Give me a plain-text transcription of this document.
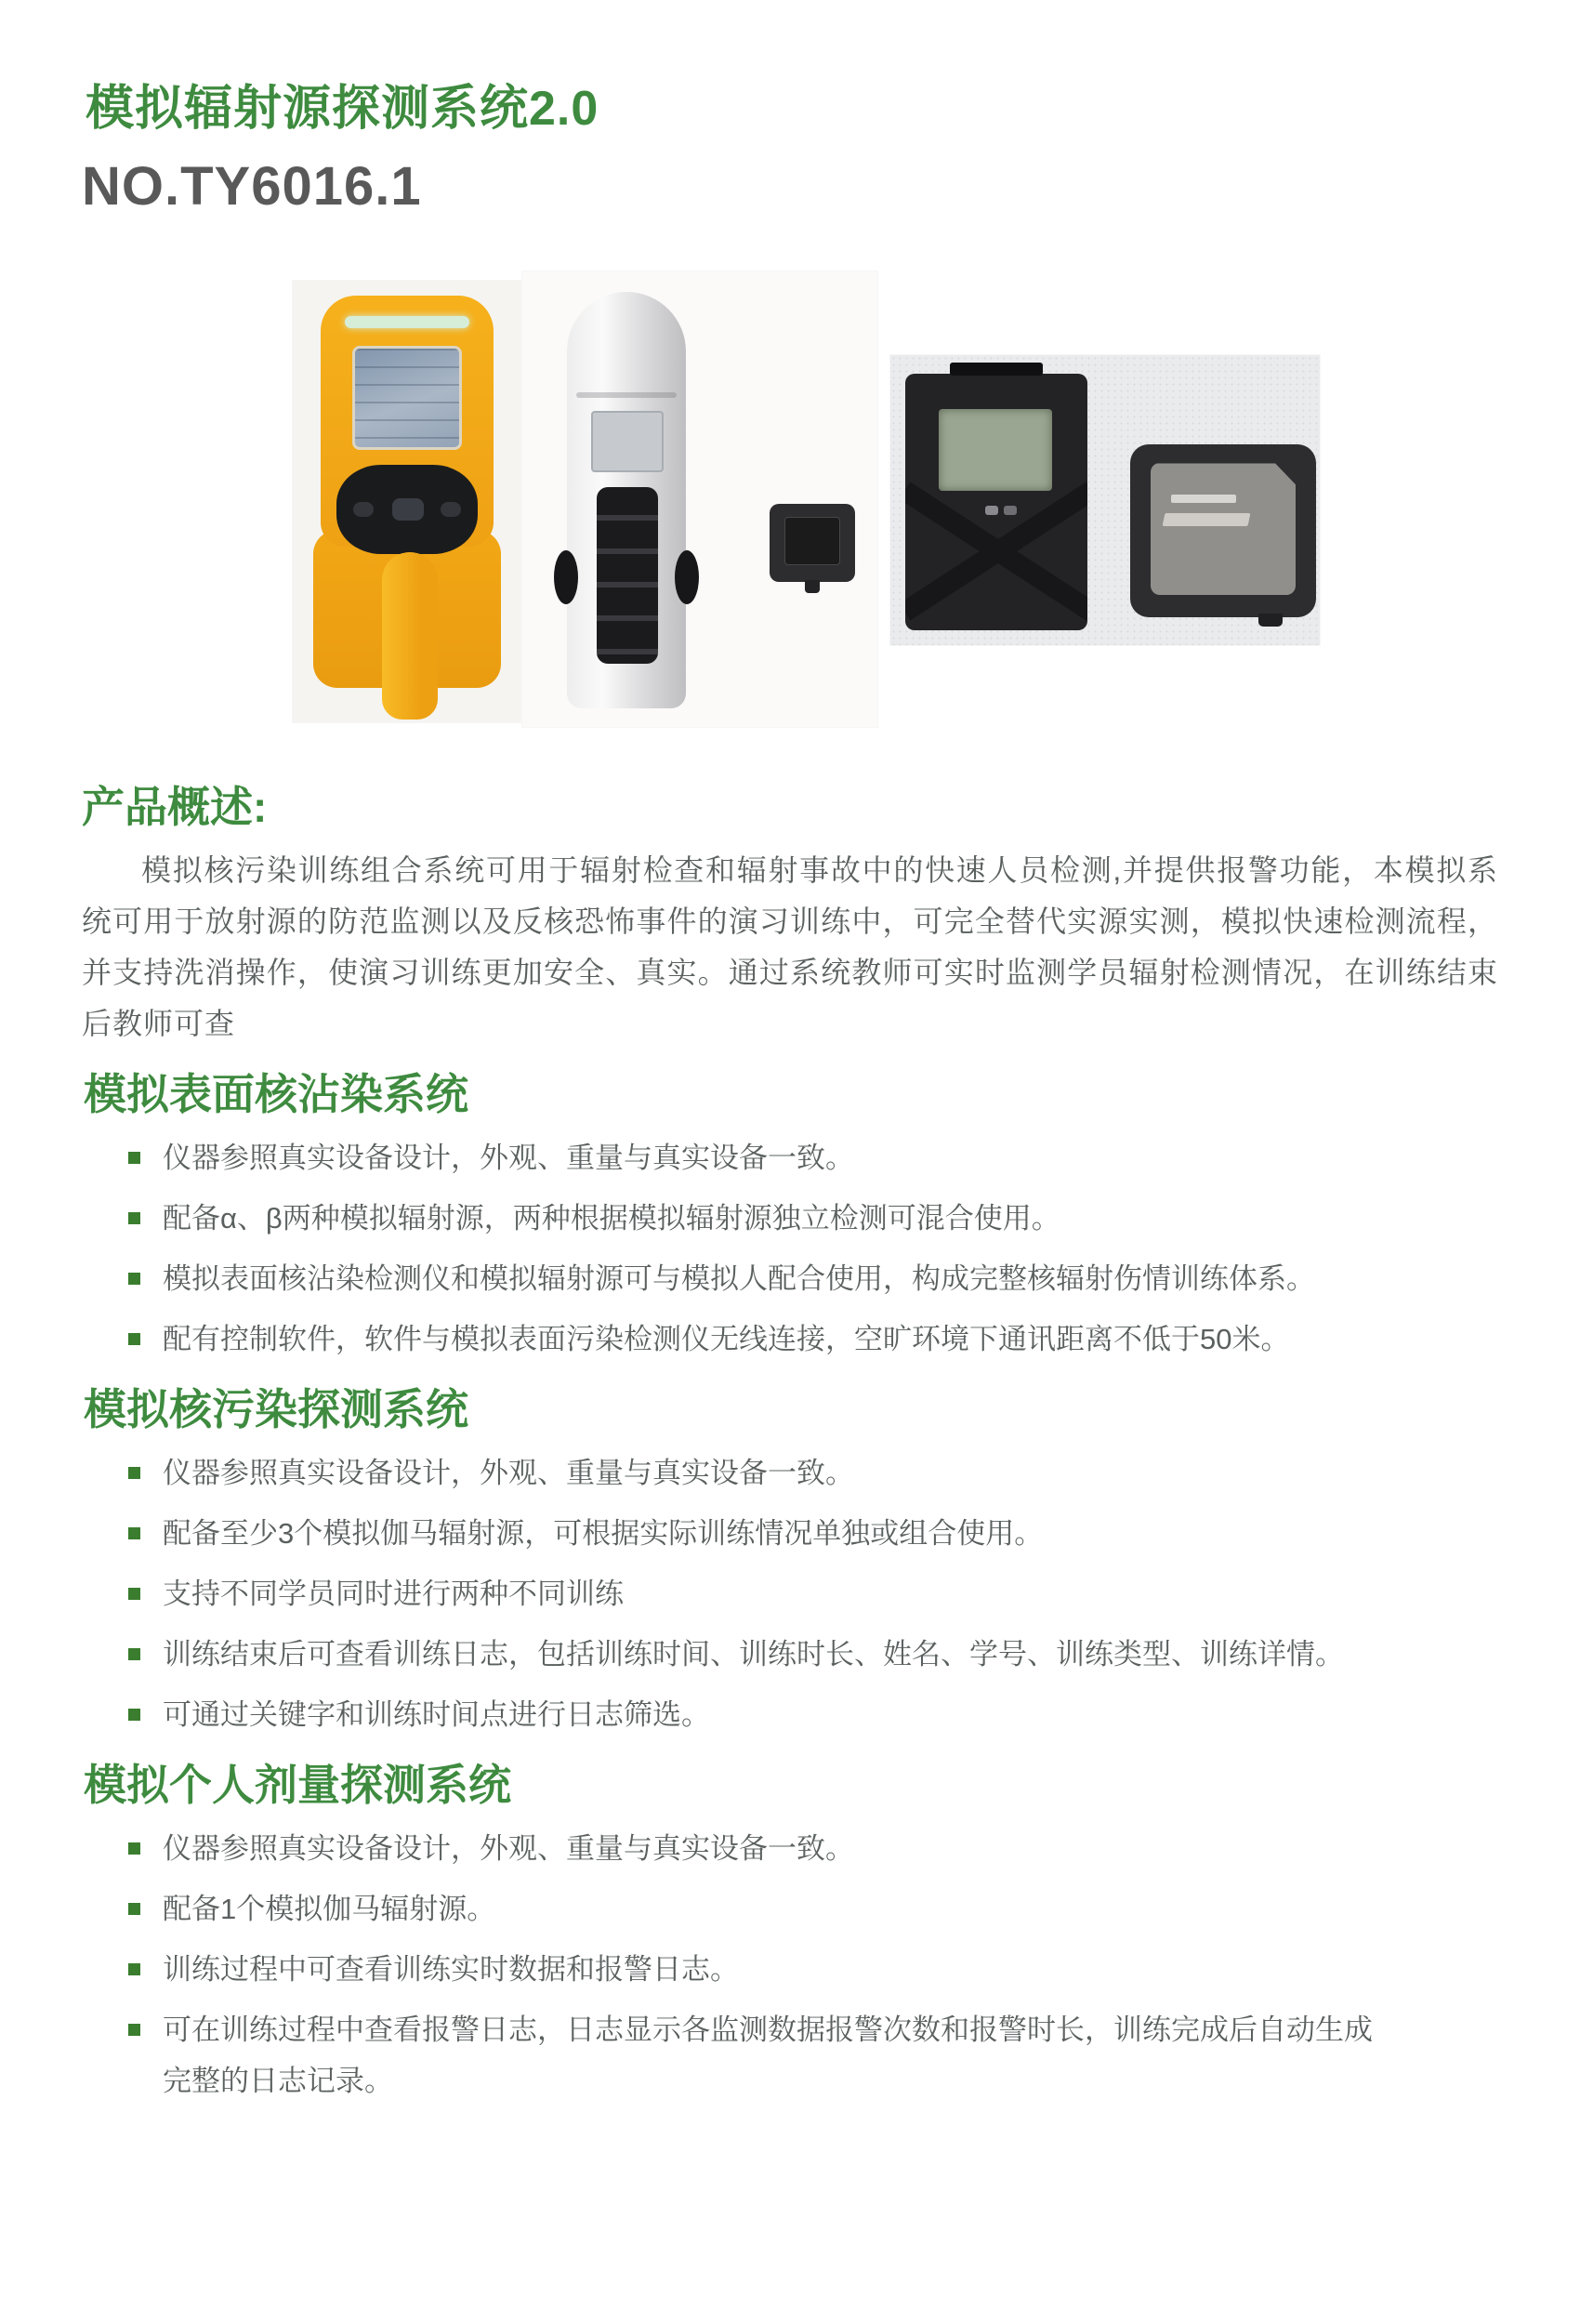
模拟辐射源探测系统2.0
NO.TY6016.1
产品概述:

模拟核污染训练组合系统可用于辐射检查和辐射事故中的快速人员检测,并提供报警功能，本模拟系统可用于放射源的防范监测以及反核恐怖事件的演习训练中，可完全替代实源实测，模拟快速检测流程，并支持洗消操作，使演习训练更加安全、真实。通过系统教师可实时监测学员辐射检测情况，在训练结束后教师可查

模拟表面核沾染系统
仪器参照真实设备设计，外观、重量与真实设备一致。
配备α、β两种模拟辐射源，两种根据模拟辐射源独立检测可混合使用。
模拟表面核沾染检测仪和模拟辐射源可与模拟人配合使用，构成完整核辐射伤情训练体系。
配有控制软件，软件与模拟表面污染检测仪无线连接，空旷环境下通讯距离不低于50米。
模拟核污染探测系统
仪器参照真实设备设计，外观、重量与真实设备一致。
配备至少3个模拟伽马辐射源，可根据实际训练情况单独或组合使用。
支持不同学员同时进行两种不同训练
训练结束后可查看训练日志，包括训练时间、训练时长、姓名、学号、训练类型、训练详情。
可通过关键字和训练时间点进行日志筛选。
模拟个人剂量探测系统
仪器参照真实设备设计，外观、重量与真实设备一致。
配备1个模拟伽马辐射源。
训练过程中可查看训练实时数据和报警日志。
可在训练过程中查看报警日志，日志显示各监测数据报警次数和报警时长，训练完成后自动生成完整的日志记录。
